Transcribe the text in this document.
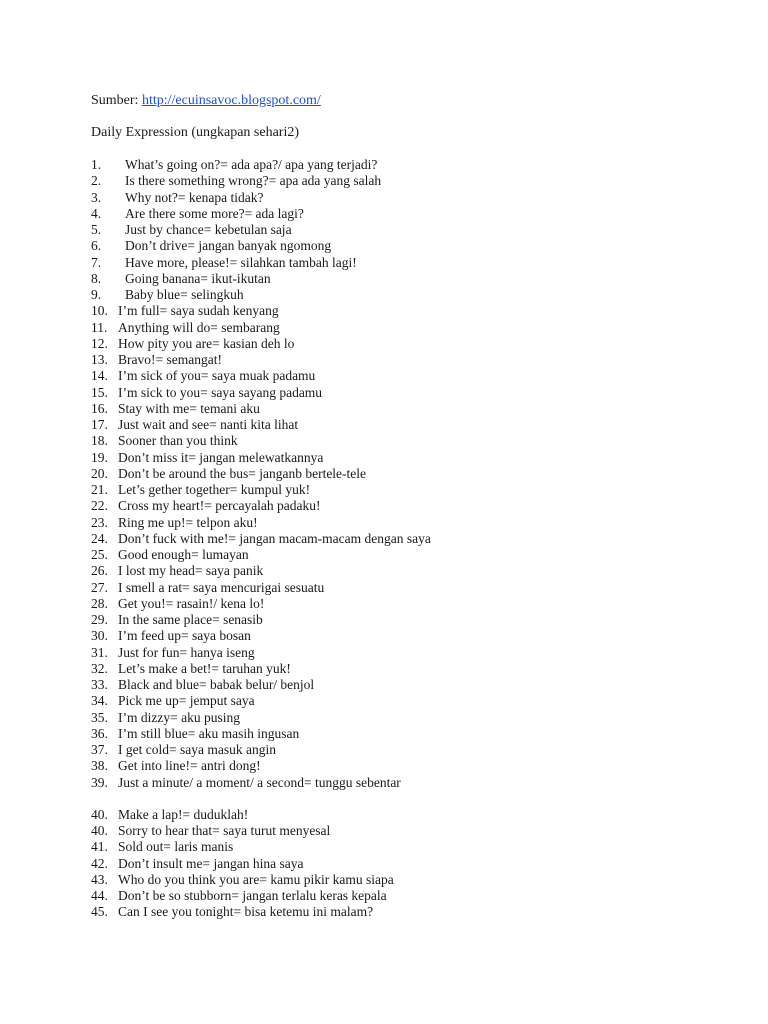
Sumber: http://ecuinsavoc.blogspot.com/
Daily Expression (ungkapan sehari2)
1. What’s going on?= ada apa?/ apa yang terjadi?
2. Is there something wrong?= apa ada yang salah
3. Why not?= kenapa tidak?
4. Are there some more?= ada lagi?
5. Just by chance= kebetulan saja
6. Don’t drive= jangan banyak ngomong
7. Have more, please!= silahkan tambah lagi!
8. Going banana= ikut-ikutan
9. Baby blue= selingkuh
10. I’m full= saya sudah kenyang
11. Anything will do= sembarang
12. How pity you are= kasian deh lo
13. Bravo!= semangat!
14. I’m sick of you= saya muak padamu
15. I’m sick to you= saya sayang padamu
16. Stay with me= temani aku
17. Just wait and see= nanti kita lihat
18. Sooner than you think
19. Don’t miss it= jangan melewatkannya
20. Don’t be around the bus= janganb bertele-tele
21. Let’s gether together= kumpul yuk!
22. Cross my heart!= percayalah padaku!
23. Ring me up!= telpon aku!
24. Don’t fuck with me!= jangan macam-macam dengan saya
25. Good enough= lumayan
26. I lost my head= saya panik
27. I smell a rat= saya mencurigai sesuatu
28. Get you!= rasain!/ kena lo!
29. In the same place= senasib
30. I’m feed up= saya bosan
31. Just for fun= hanya iseng
32. Let’s make a bet!= taruhan yuk!
33. Black and blue= babak belur/ benjol
34. Pick me up= jemput saya
35. I’m dizzy= aku pusing
36. I’m still blue= aku masih ingusan
37. I get cold= saya masuk angin
38. Get into line!= antri dong!
39. Just a minute/ a moment/ a second= tunggu sebentar
40. Make a lap!= duduklah!
40. Sorry to hear that= saya turut menyesal
41. Sold out= laris manis
42. Don’t insult me= jangan hina saya
43. Who do you think you are= kamu pikir kamu siapa
44. Don’t be so stubborn= jangan terlalu keras kepala
45. Can I see you tonight= bisa ketemu ini malam?
